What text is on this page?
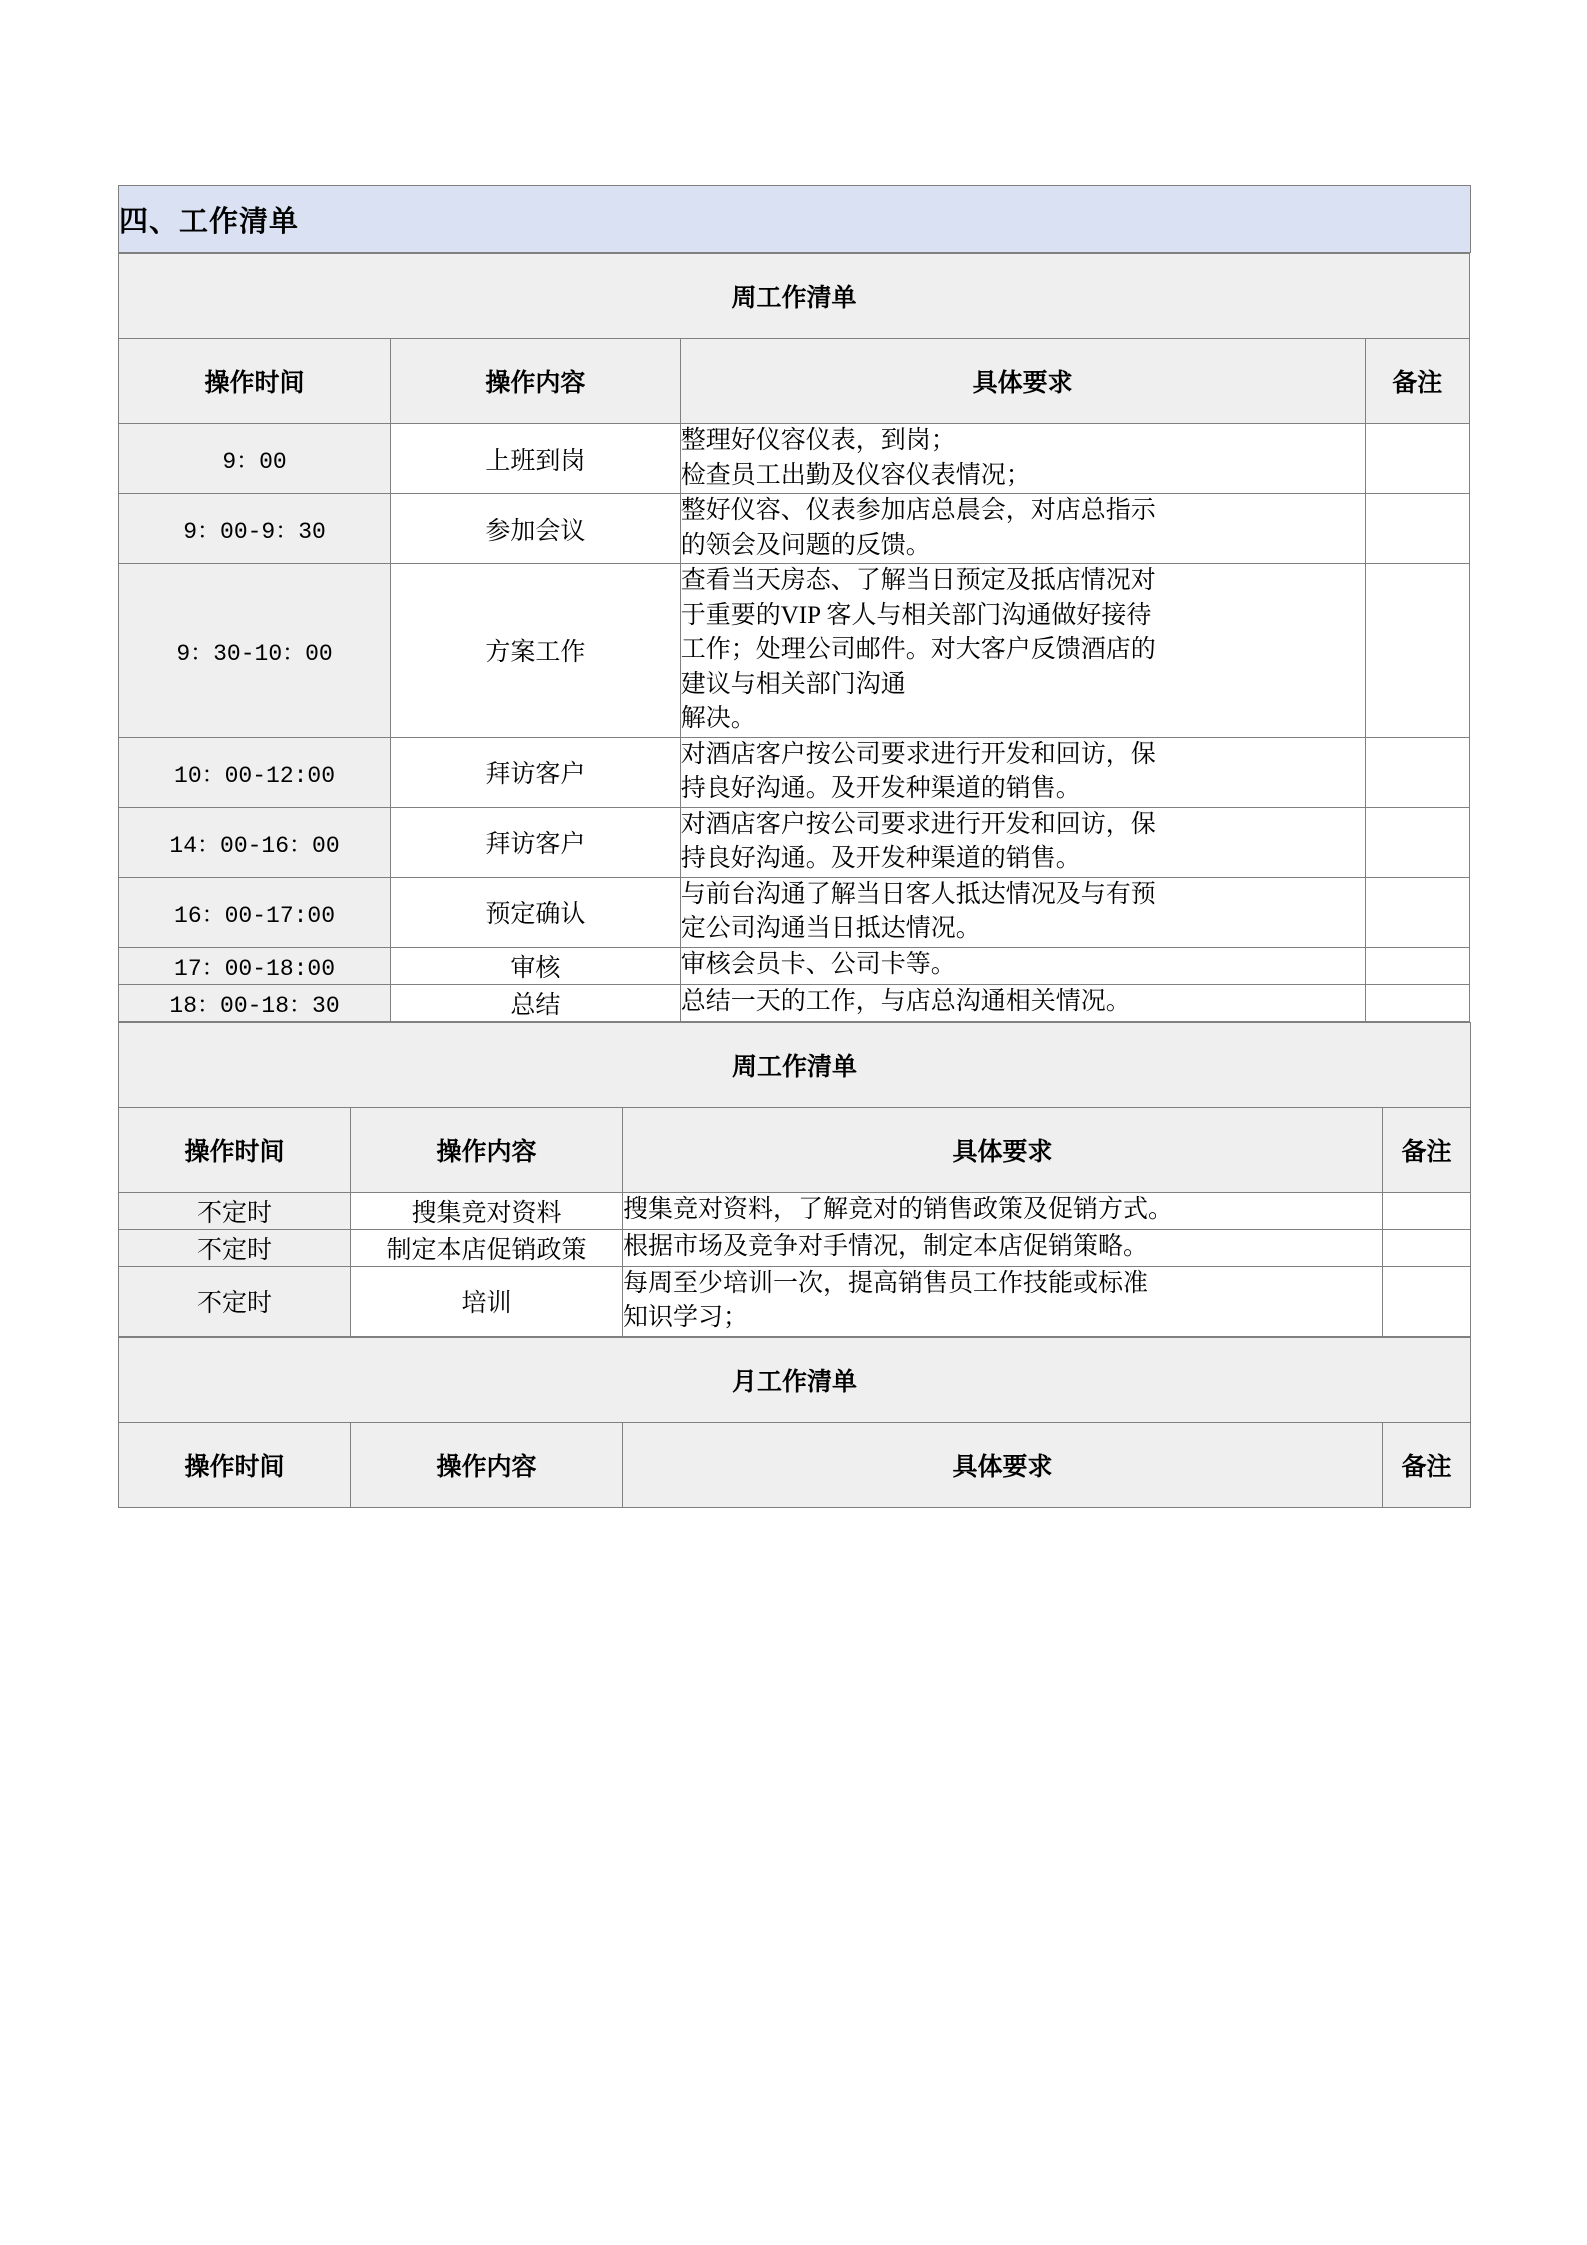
四、工作清单
周工作清单			
操作时间	操作内容	具体要求	备注
9：00	上班到岗	整理好仪容仪表，到岗；
检查员工出勤及仪容仪表情况；	

9：00-9：30	参加会议	整好仪容、仪表参加店总晨会，对店总指示
的领会及问题的反馈。	

9：30-10：00	方案工作	查看当天房态、了解当日预定及抵店情况对
于重要的VIP 客人与相关部门沟通做好接待
工作；处理公司邮件。对大客户反馈酒店的
建议与相关部门沟通
解决。	

10：00-12:00	拜访客户	对酒店客户按公司要求进行开发和回访，保
持良好沟通。及开发种渠道的销售。	

14：00-16：00	拜访客户	对酒店客户按公司要求进行开发和回访，保
持良好沟通。及开发种渠道的销售。	

16：00-17:00	预定确认	与前台沟通了解当日客人抵达情况及与有预
定公司沟通当日抵达情况。	

17：00-18:00	审核	审核会员卡、公司卡等。	

18：00-18：30	总结	总结一天的工作，与店总沟通相关情况。	

周工作清单			
操作时间	操作内容	具体要求	备注
不定时	搜集竞对资料	搜集竞对资料，了解竞对的销售政策及促销方式。	

不定时	制定本店促销政策	根据市场及竞争对手情况，制定本店促销策略。	

不定时	培训	每周至少培训一次，提高销售员工作技能或标准
知识学习；	

月工作清单
操作时间	操作内容	具体要求	备注
